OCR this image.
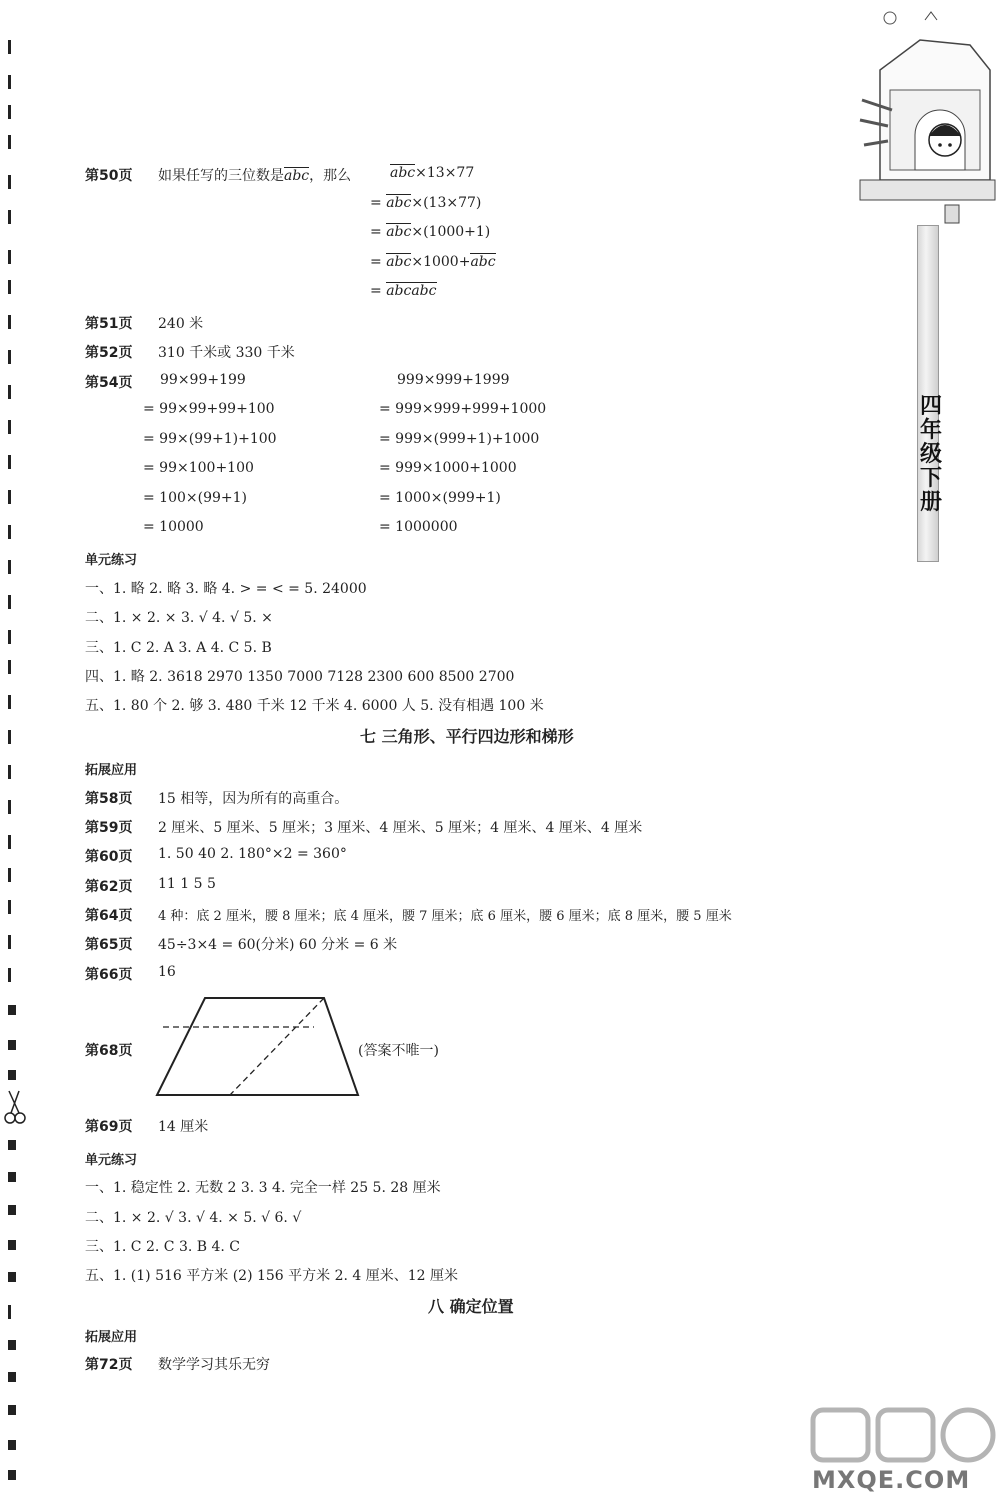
四年级下册
第50页 如果任写的三位数是abc，那么	abc×13×77
= abc×(13×77)
= abc×(1000+1)
= abc×1000+abc
= abcabc
第51页 240 米
第52页 310 千米或 330 千米
第54页 99×99+199
= 99×99+99+100
= 99×(99+1)+100
= 99×100+100
= 100×(99+1)
= 10000
999×999+1999
= 999×999+999+1000
= 999×(999+1)+1000
= 999×1000+1000
= 1000×(999+1)
= 1000000
单元练习
一、1. 略 2. 略 3. 略 4. > = < = 5. 24000
二、1. × 2. × 3. √ 4. √ 5. ×
三、1. C 2. A 3. A 4. C 5. B
四、1. 略 2. 3618 2970 1350 7000 7128 2300 600 8500 2700
五、1. 80 个 2. 够 3. 480 千米 12 千米 4. 6000 人 5. 没有相遇 100 米
七 三角形、平行四边形和梯形
拓展应用
第58页 15 相等，因为所有的高重合。
第59页 2 厘米、5 厘米、5 厘米；3 厘米、4 厘米、5 厘米；4 厘米、4 厘米、4 厘米
第60页 1. 50 40 2. 180°×2 = 360°
第62页 11 1 5 5
第64页 4 种：底 2 厘米，腰 8 厘米；底 4 厘米，腰 7 厘米；底 6 厘米，腰 6 厘米；底 8 厘米，腰 5 厘米
第65页 45÷3×4 = 60(分米) 60 分米 = 6 米
第66页 16
第68页	(答案不唯一)
第69页 14 厘米
单元练习
一、1. 稳定性 2. 无数 2 3. 3 4. 完全一样 25 5. 28 厘米
二、1. × 2. √ 3. √ 4. × 5. √ 6. √
三、1. C 2. C 3. B 4. C
五、1. (1) 516 平方米 (2) 156 平方米 2. 4 厘米、12 厘米
八 确定位置
拓展应用
第72页 数学学习其乐无穷
MXQE.COM
